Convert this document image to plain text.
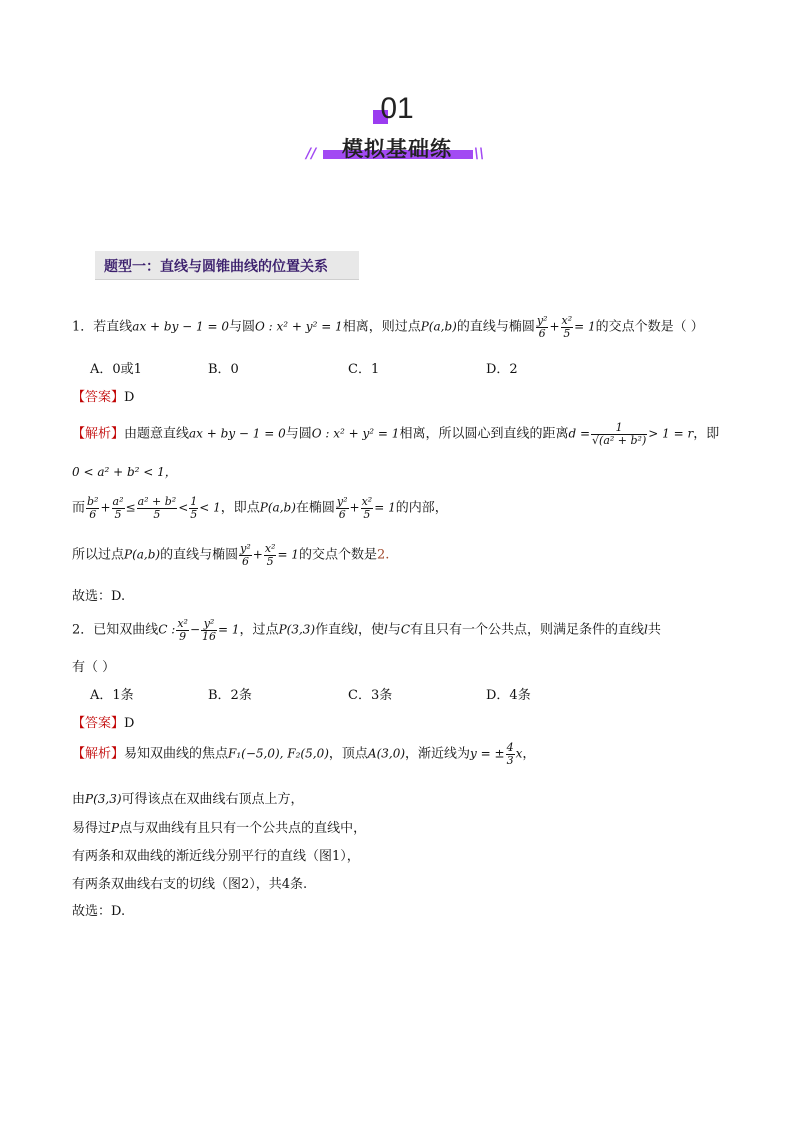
01
模拟基础练
//	\\
题型一：直线与圆锥曲线的位置关系
1．若直线ax + by − 1 = 0与圆O : x² + y² = 1相离，则过点P(a,b)的直线与椭圆 $\frac{\text{y²}}{6} + \frac{\text{x²}}{5} = 1$的交点个数是（ ）
A．0或1	B．0	C．1	D．2
【答案】D
【解析】由题意直线ax + by − 1 = 0与圆O : x² + y² = 1相离，所以圆心到直线的距离$d = \frac{1}{\text{√(a² + b²)}} > 1 = r$，即
0 < a² + b² < 1，
而 $\frac{\text{b²}}{6} + \frac{\text{a²}}{5} \le \frac{\text{a² + b²}}{5} < \frac{1}{5} < 1$，即点P(a,b)在椭圆 $\frac{\text{y²}}{6} + \frac{\text{x²}}{5} = 1$的内部，
所以过点P(a,b)的直线与椭圆 $\frac{\text{y²}}{6} + \frac{\text{x²}}{5} = 1$的交点个数是2.
故选：D.
2．已知双曲线C : $\frac{\text{x²}}{9} - \frac{\text{y²}}{16} = 1$，过点P(3,3)作直线l，使l与C有且只有一个公共点，则满足条件的直线l共
有（ ）
A．1条	B．2条	C．3条	D．4条
【答案】D
【解析】易知双曲线的焦点F₁(−5,0), F₂(5,0)，顶点A(3,0)，渐近线为y = ± $\frac{4}{3}$ x，
由P(3,3)可得该点在双曲线右顶点上方，
易得过P点与双曲线有且只有一个公共点的直线中，
有两条和双曲线的渐近线分别平行的直线（图1），
有两条双曲线右支的切线（图2），共4条.
故选：D.
